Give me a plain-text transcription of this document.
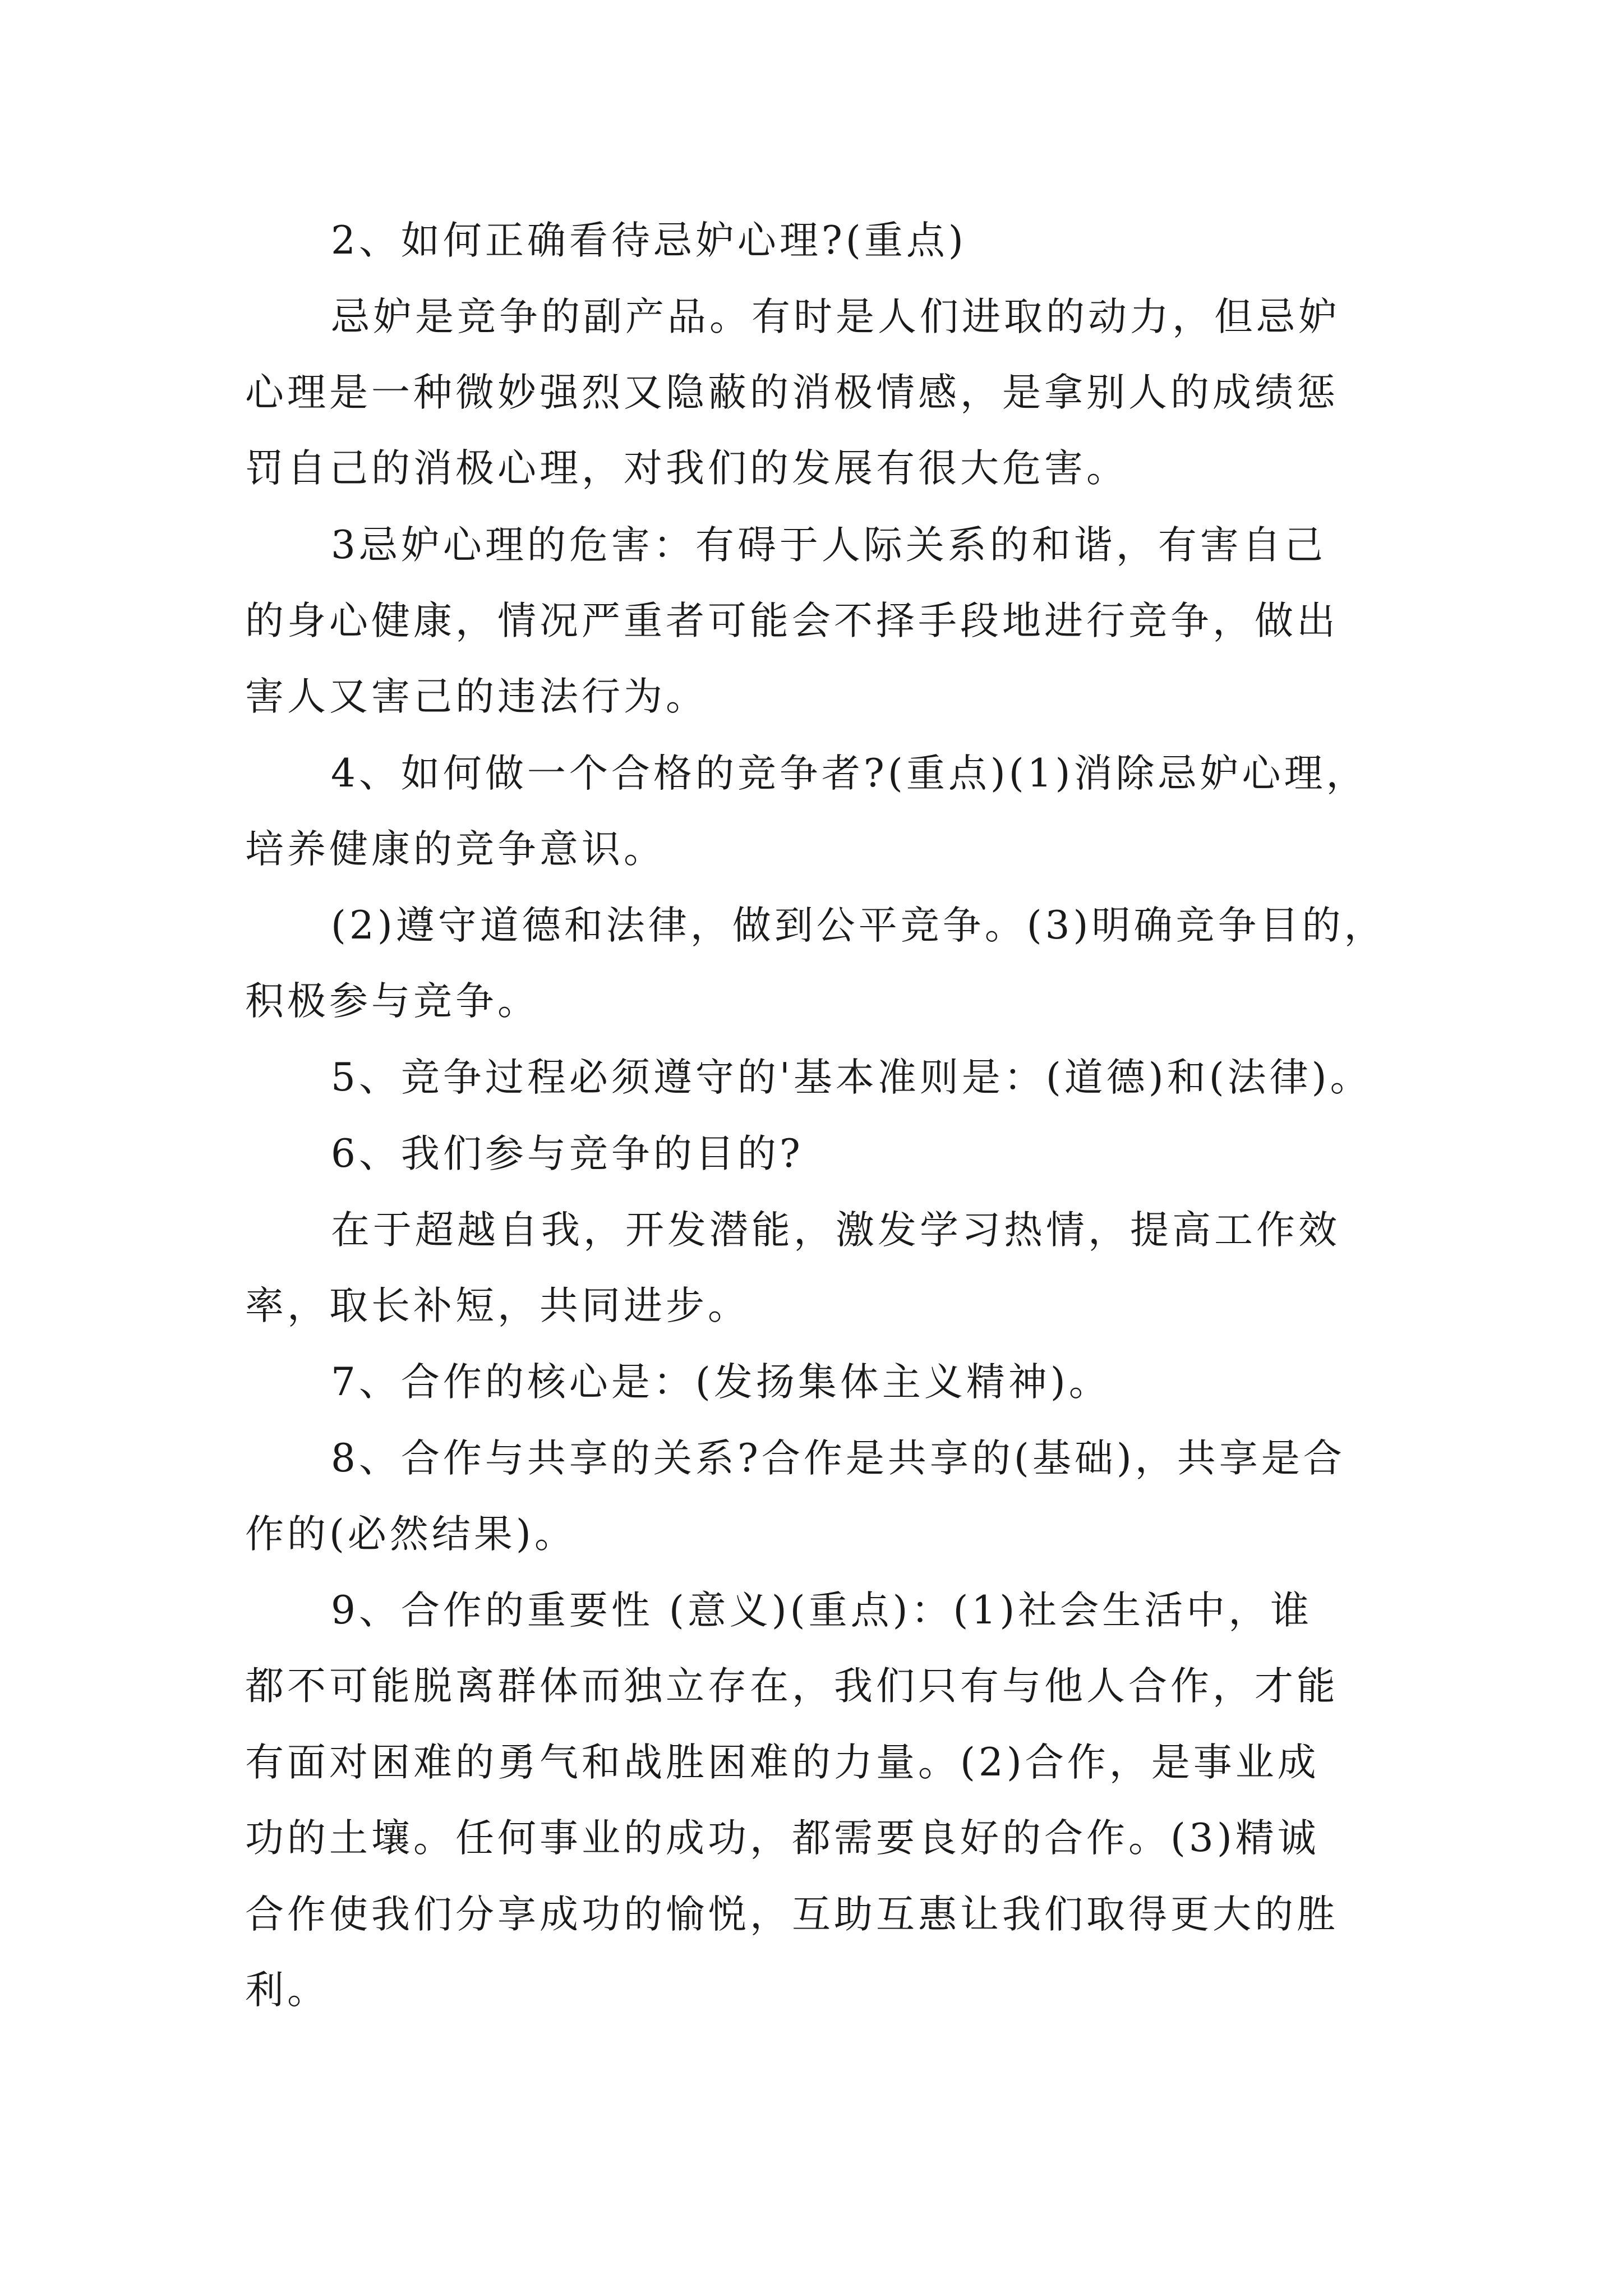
2、如何正确看待忌妒心理?(重点)

忌妒是竞争的副产品。有时是人们进取的动力，但忌妒

心理是一种微妙强烈又隐蔽的消极情感，是拿别人的成绩惩

罚自己的消极心理，对我们的发展有很大危害。

3忌妒心理的危害：有碍于人际关系的和谐，有害自己

的身心健康，情况严重者可能会不择手段地进行竞争，做出

害人又害己的违法行为。

4、如何做一个合格的竞争者?(重点)(1)消除忌妒心理，

培养健康的竞争意识。

(2)遵守道德和法律，做到公平竞争。(3)明确竞争目的，

积极参与竞争。

5、竞争过程必须遵守的'基本准则是：(道德)和(法律)。

6、我们参与竞争的目的?

在于超越自我，开发潜能，激发学习热情，提高工作效

率，取长补短，共同进步。

7、合作的核心是：(发扬集体主义精神)。

8、合作与共享的关系?合作是共享的(基础)，共享是合

作的(必然结果)。

9、合作的重要性 (意义)(重点)：(1)社会生活中，谁

都不可能脱离群体而独立存在，我们只有与他人合作，才能

有面对困难的勇气和战胜困难的力量。(2)合作，是事业成

功的土壤。任何事业的成功，都需要良好的合作。(3)精诚

合作使我们分享成功的愉悦，互助互惠让我们取得更大的胜

利。
